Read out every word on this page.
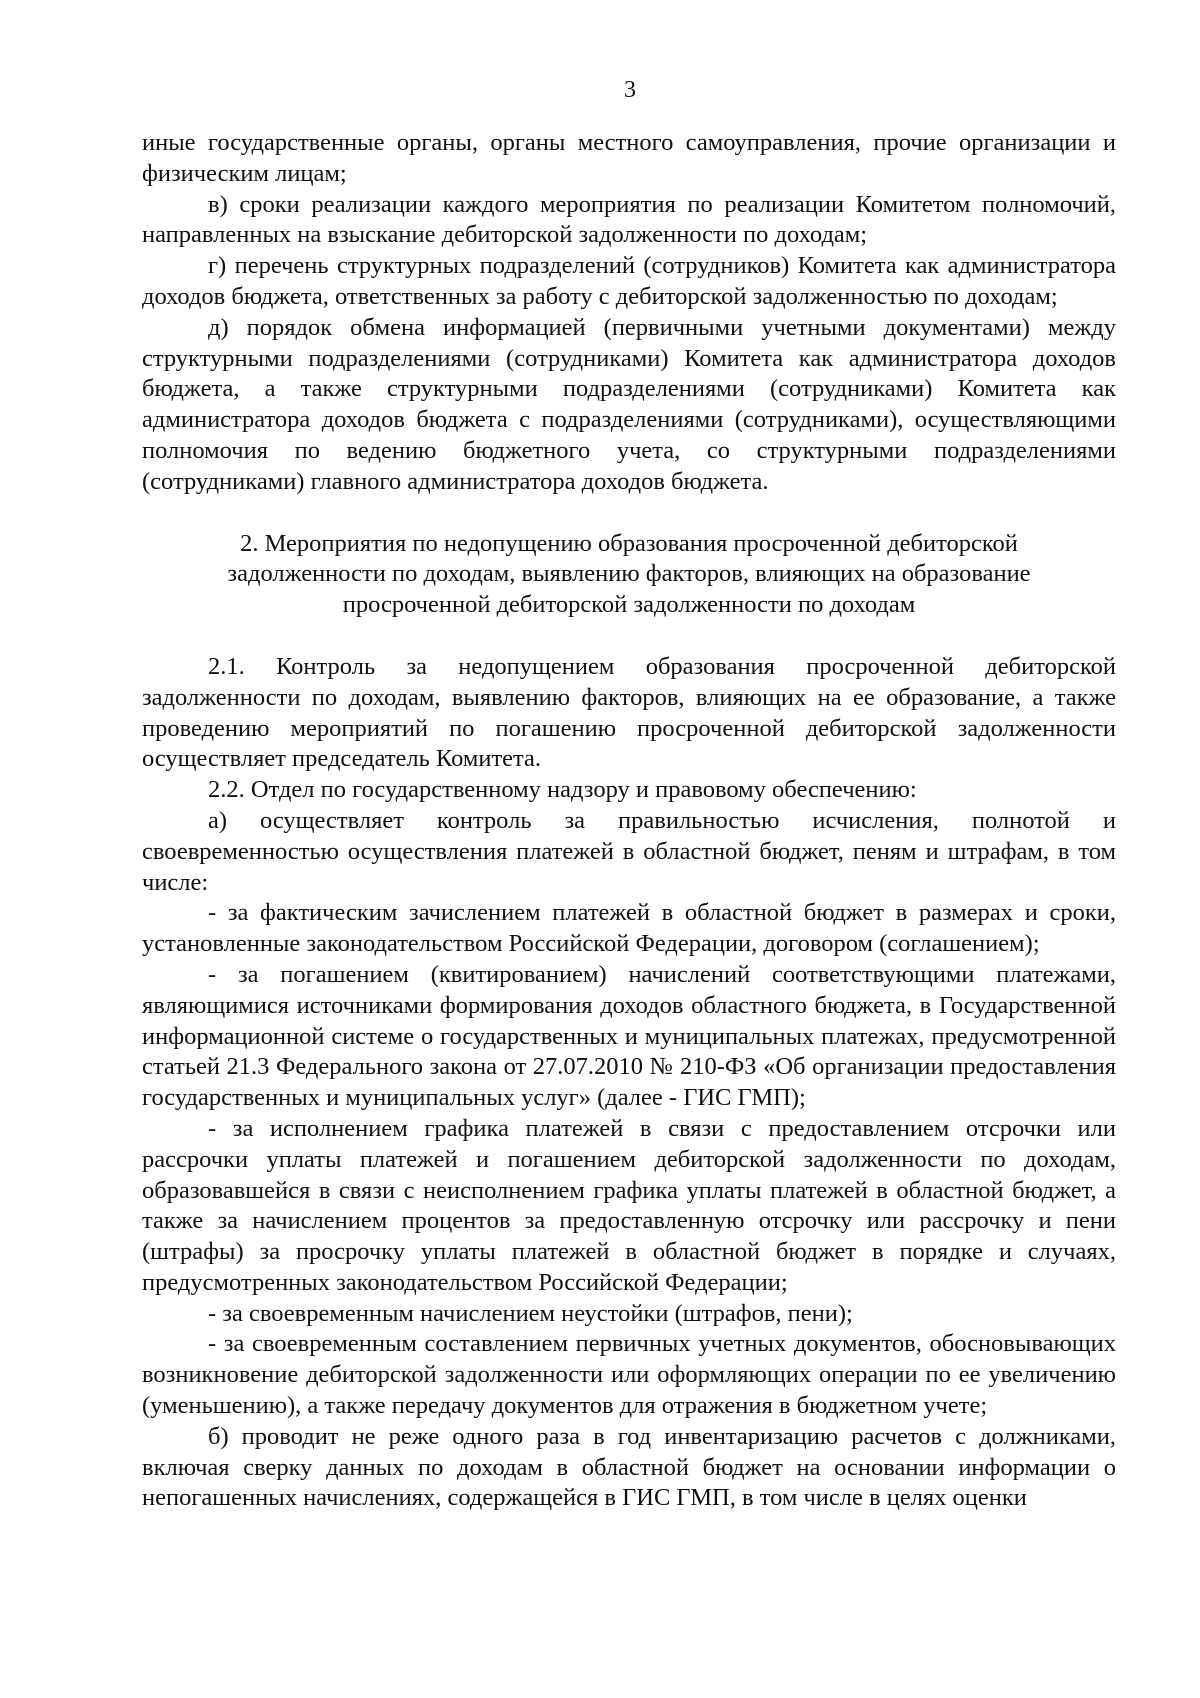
3

иные государственные органы, органы местного самоуправления, прочие организации и физическим лицам;

в) сроки реализации каждого мероприятия по реализации Комитетом полномочий, направленных на взыскание дебиторской задолженности по доходам;

г) перечень структурных подразделений (сотрудников) Комитета как администратора доходов бюджета, ответственных за работу с дебиторской задолженностью по доходам;

д) порядок обмена информацией (первичными учетными документами) между структурными подразделениями (сотрудниками) Комитета как администратора доходов бюджета, а также структурными подразделениями (сотрудниками) Комитета как администратора доходов бюджета с подразделениями (сотрудниками), осуществляющими полномочия по ведению бюджетного учета, со структурными подразделениями (сотрудниками) главного администратора доходов бюджета.

2. Мероприятия по недопущению образования просроченной дебиторской
задолженности по доходам, выявлению факторов, влияющих на образование
просроченной дебиторской задолженности по доходам

2.1. Контроль за недопущением образования просроченной дебиторской задолженности по доходам, выявлению факторов, влияющих на ее образование, а также проведению мероприятий по погашению просроченной дебиторской задолженности осуществляет председатель Комитета.

2.2. Отдел по государственному надзору и правовому обеспечению:

а) осуществляет контроль за правильностью исчисления, полнотой и своевременностью осуществления платежей в областной бюджет, пеням и штрафам, в том числе:

- за фактическим зачислением платежей в областной бюджет в размерах и сроки, установленные законодательством Российской Федерации, договором (соглашением);

- за погашением (квитированием) начислений соответствующими платежами, являющимися источниками формирования доходов областного бюджета, в Государственной информационной системе о государственных и муниципальных платежах, предусмотренной статьей 21.3 Федерального закона от 27.07.2010 № 210-ФЗ «Об организации предоставления государственных и муниципальных услуг» (далее - ГИС ГМП);

- за исполнением графика платежей в связи с предоставлением отсрочки или рассрочки уплаты платежей и погашением дебиторской задолженности по доходам, образовавшейся в связи с неисполнением графика уплаты платежей в областной бюджет, а также за начислением процентов за предоставленную отсрочку или рассрочку и пени (штрафы) за просрочку уплаты платежей в областной бюджет в порядке и случаях, предусмотренных законодательством Российской Федерации;

- за своевременным начислением неустойки (штрафов, пени);

- за своевременным составлением первичных учетных документов, обосновывающих возникновение дебиторской задолженности или оформляющих операции по ее увеличению (уменьшению), а также передачу документов для отражения в бюджетном учете;

б) проводит не реже одного раза в год инвентаризацию расчетов с должниками, включая сверку данных по доходам в областной бюджет на основании информации о непогашенных начислениях, содержащейся в ГИС ГМП, в том числе в целях оценки
